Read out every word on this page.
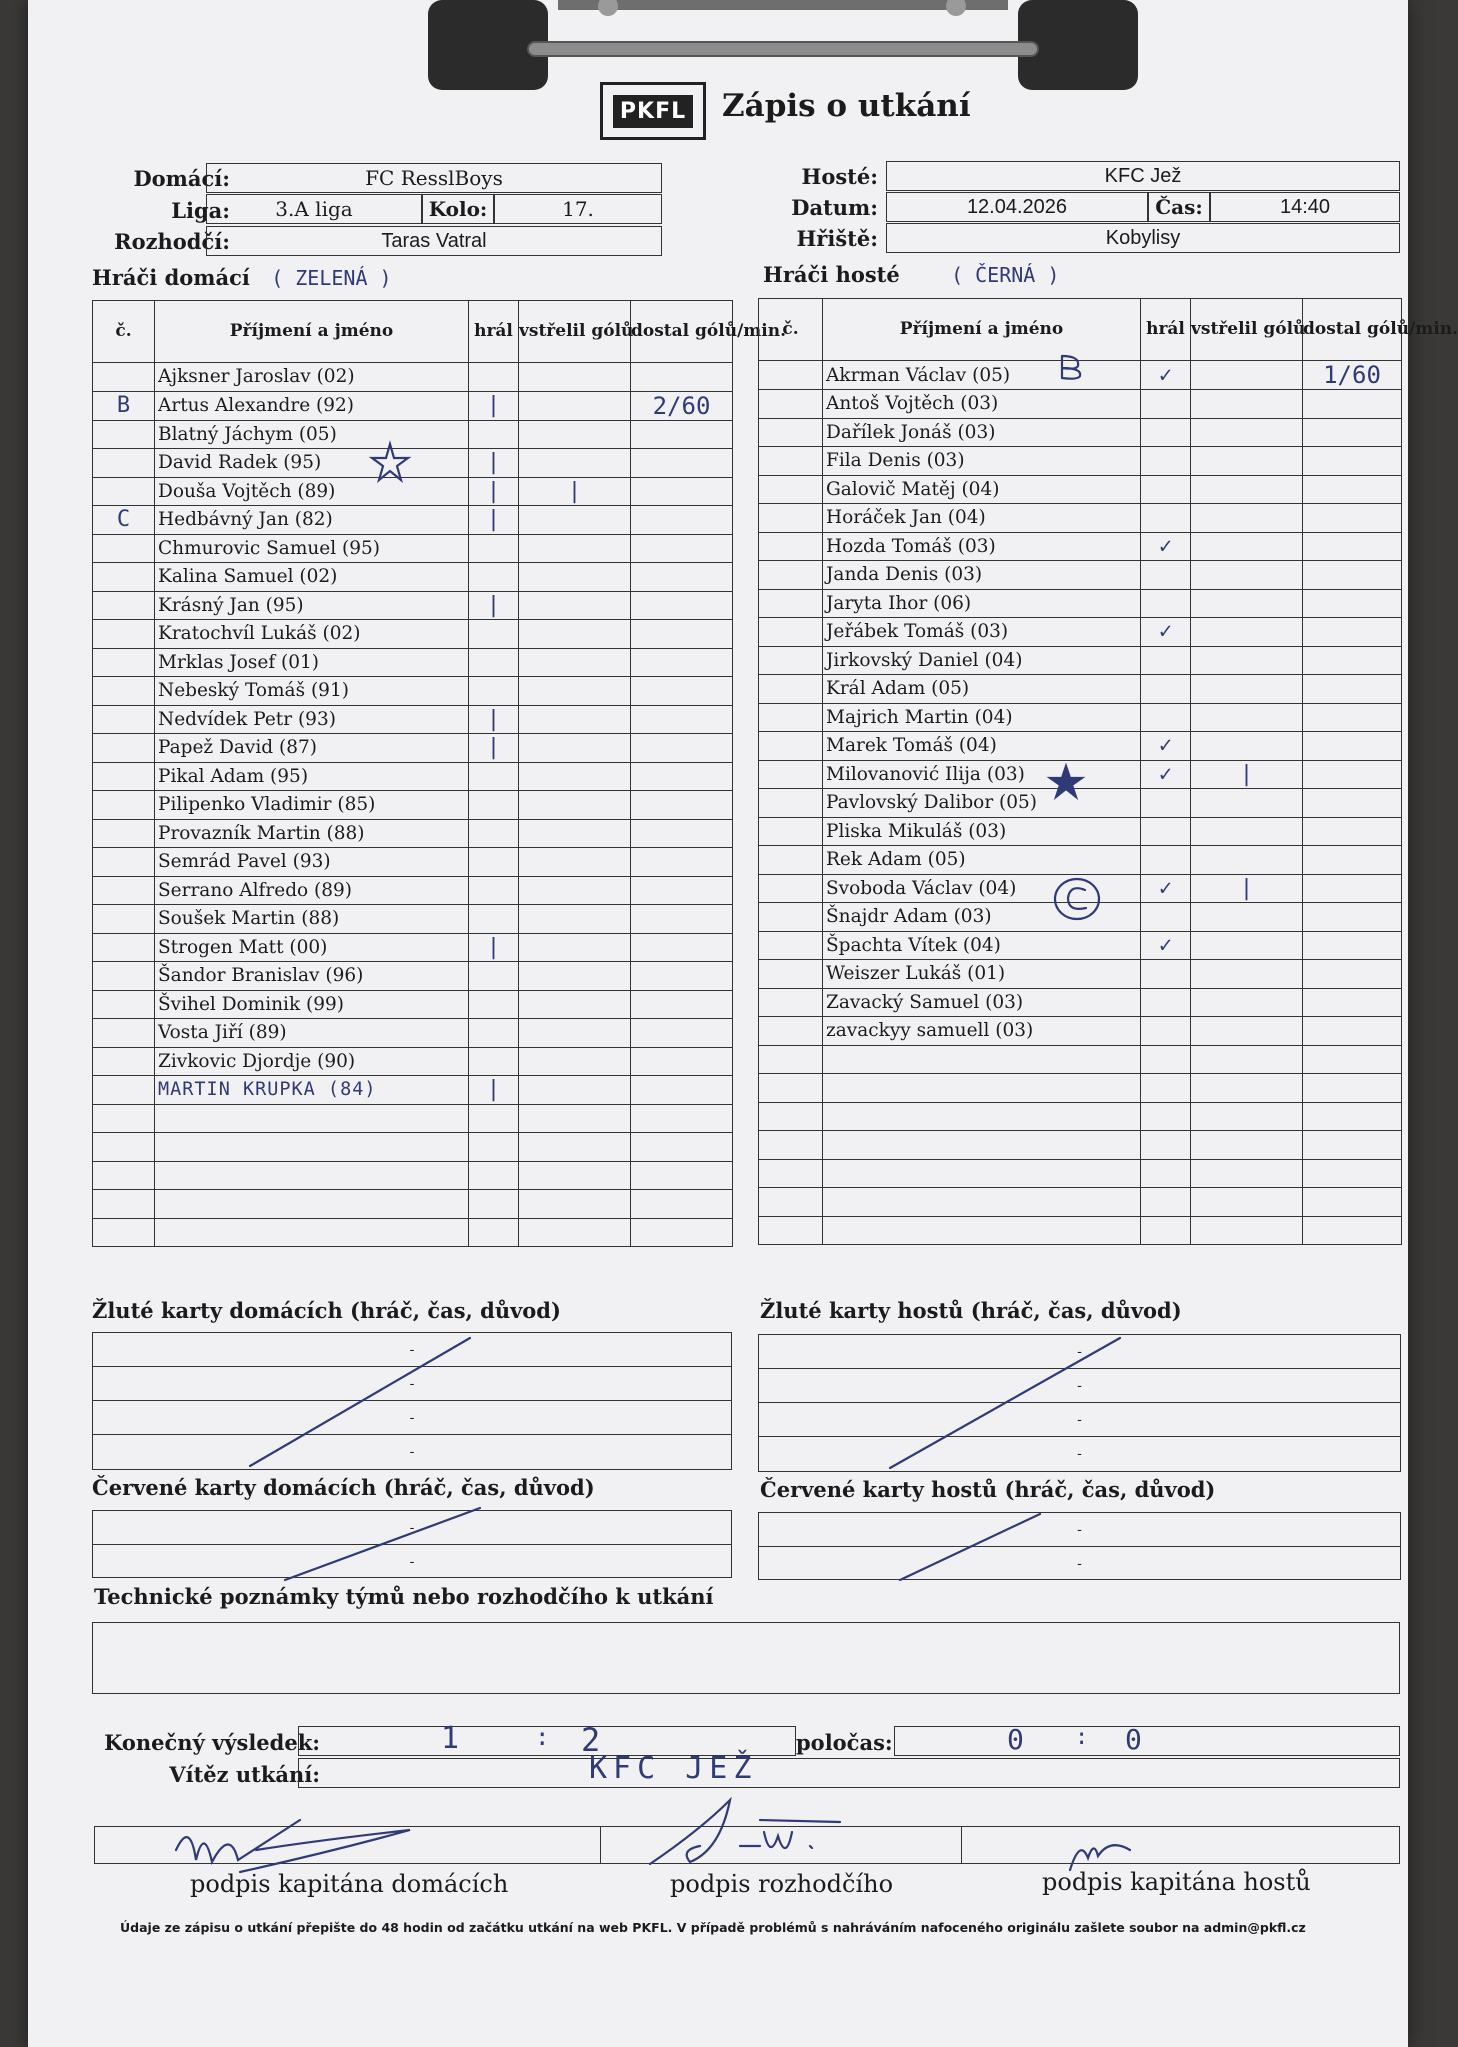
PKFL Zápis o utkání
Domácí:	FC ResslBoys
Liga:	3.A liga	Kolo:	17.
Rozhodčí:	Taras Vatral
Hosté:	KFC Jež
Datum:	12.04.2026	Čas:	14:40
Hřiště:	Kobylisy
Hráči domácí ( ZELENÁ )	Hráči hosté	( ČERNÁ )
č.	Příjmení a jméno	hrál	vstřelil gólů	dostal gólů/min.
	Ajksner Jaroslav (02)			
B	Artus Alexandre (92)	|		2/60
	Blatný Jáchym (05)			
	David Radek (95)	|		
	Douša Vojtěch (89)	|	|	
C	Hedbávný Jan (82)	|		
	Chmurovic Samuel (95)			
	Kalina Samuel (02)			
	Krásný Jan (95)	|		
	Kratochvíl Lukáš (02)			
	Mrklas Josef (01)			
	Nebeský Tomáš (91)			
	Nedvídek Petr (93)	|		
	Papež David (87)	|		
	Pikal Adam (95)			
	Pilipenko Vladimir (85)			
	Provazník Martin (88)			
	Semrád Pavel (93)			
	Serrano Alfredo (89)			
	Soušek Martin (88)			
	Strogen Matt (00)	|		
	Šandor Branislav (96)			
	Švihel Dominik (99)			
	Vosta Jiří (89)			
	Zivkovic Djordje (90)			
	MARTIN KRUPKA (84)	|		

č.	Příjmení a jméno	hrál	vstřelil gólů	dostal gólů/min.
	Akrman Václav (05)	✓		1/60
	Antoš Vojtěch (03)			
	Dařílek Jonáš (03)			
	Fila Denis (03)			
	Galovič Matěj (04)			
	Horáček Jan (04)			
	Hozda Tomáš (03)	✓		
	Janda Denis (03)			
	Jaryta Ihor (06)			
	Jeřábek Tomáš (03)	✓		
	Jirkovský Daniel (04)			
	Král Adam (05)			
	Majrich Martin (04)			
	Marek Tomáš (04)	✓		
	Milovanović Ilija (03)	✓	|	
	Pavlovský Dalibor (05)			
	Pliska Mikuláš (03)			
	Rek Adam (05)			
	Svoboda Václav (04)	✓	|	
	Šnajdr Adam (03)			
	Špachta Vítek (04)	✓		
	Weiszer Lukáš (01)			
	Zavacký Samuel (03)			
	zavackyy samuell (03)			

Žluté karty domácích (hráč, čas, důvod)
-
-
-
-
Žluté karty hostů (hráč, čas, důvod)
-
-
-
-
Červené karty domácích (hráč, čas, důvod)
-
-
Červené karty hostů (hráč, čas, důvod)
-
-
Technické poznámky týmů nebo rozhodčího k utkání
Konečný výsledek:	1	: 2	poločas:	0 : 0
Vítěz utkání:	KFC JEŽ
podpis kapitána domácích	podpis rozhodčího	podpis kapitána hostů
Údaje ze zápisu o utkání přepište do 48 hodin od začátku utkání na web PKFL. V případě problémů s nahráváním nafoceného originálu zašlete soubor na admin@pkfl.cz
